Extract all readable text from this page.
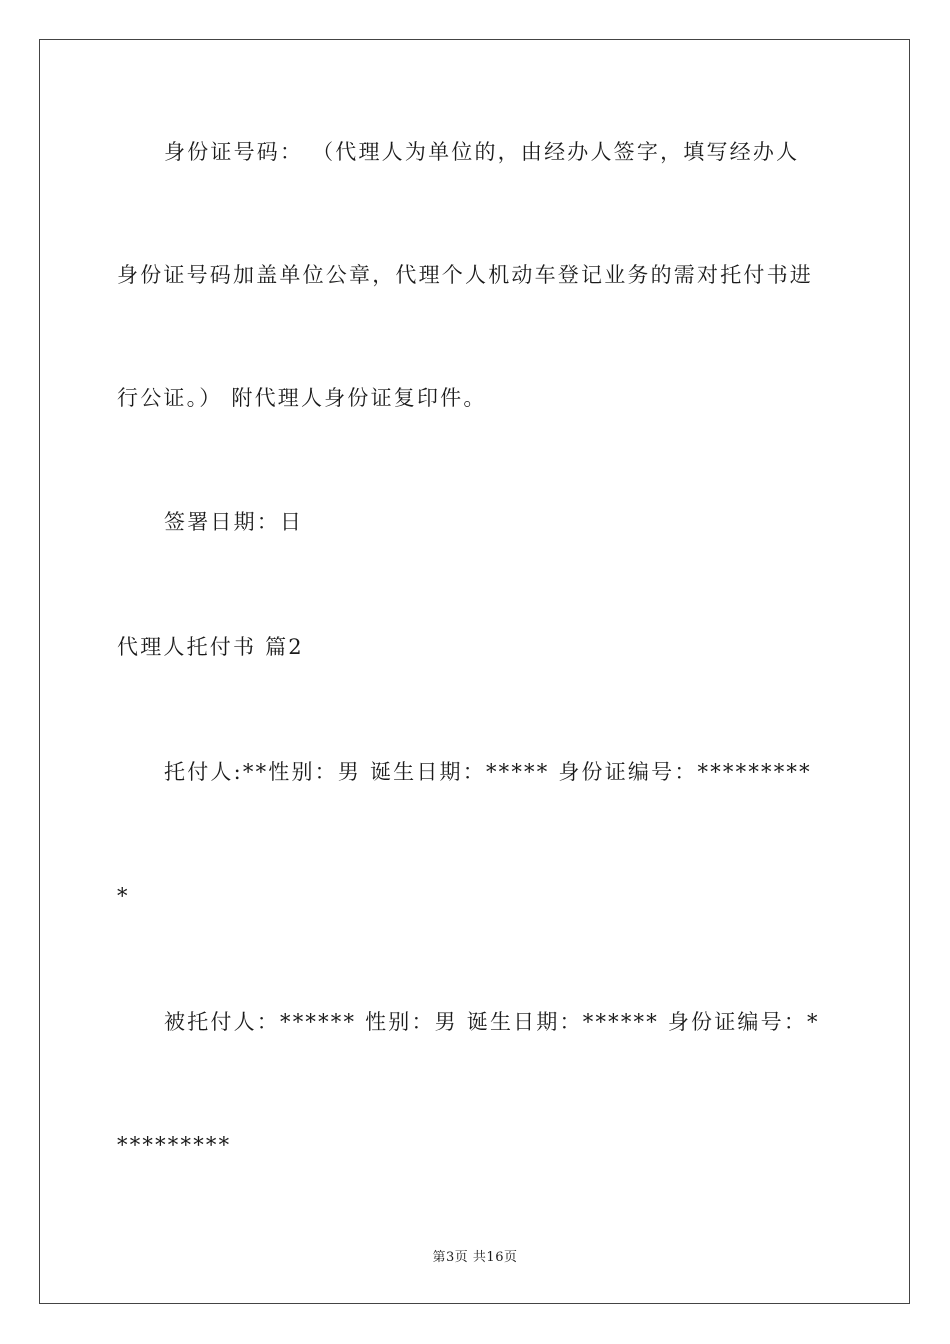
身份证号码： （代理人为单位的，由经办人签字，填写经办人
身份证号码加盖单位公章，代理个人机动车登记业务的需对托付书进
行公证。） 附代理人身份证复印件。
签署日期：日
代理人托付书 篇2
托付人:**性别：男 诞生日期：***** 身份证编号：*********
*
被托付人：****** 性别：男 诞生日期：****** 身份证编号：*
*********
第3页 共16页
